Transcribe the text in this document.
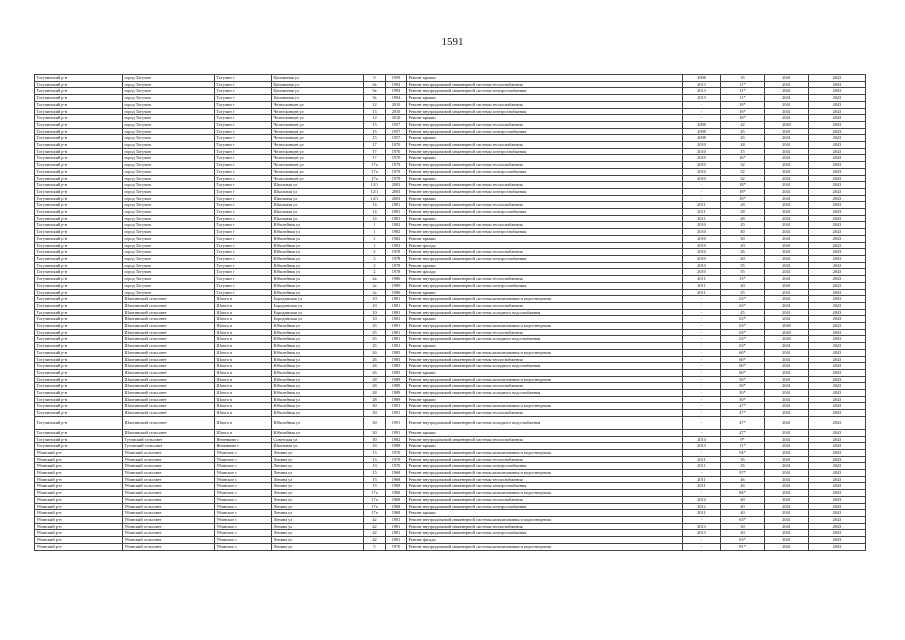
1591
Тогучинский р-н	город Тогучин	Тогучин г	Цеплинная ул	9	1958	Ремонт крыши	2008	35	2041	2043
Тогучинский р-н	город Тогучин	Тогучин г	Цеплинная ул	9а	1994	Ремонт внутридомовой инженерной системы теплоснабжения	2013	11*	2041	2043
Тогучинский р-н	город Тогучин	Тогучин г	Цеплинная ул	9а	1994	Ремонт внутридомовой инженерной системы электроснабжения	2013	11*	2041	2043
Тогучинский р-н	город Тогучин	Тогучин г	Цеплинная ул	9а	1994	Ремонт крыши	2013	11*	2041	2043
Тогучинский р-н	город Тогучин	Тогучин г	Челюскинцев ул	12	2010	Ремонт внутридомовой инженерной системы теплоснабжения	-	18*	2041	2043
Тогучинский р-н	город Тогучин	Тогучин г	Челюскинцев ул	13	2010	Ремонт внутридомовой инженерной системы электроснабжения	-	16*	2041	2043
Тогучинский р-н	город Тогучин	Тогучин г	Челюскинцев ул	12	2010	Ремонт крыши	-	18*	2041	2043
Тогучинский р-н	город Тогучин	Тогучин г	Челюскинцев ул	15	1957	Ремонт внутридомовой инженерной системы теплоснабжения	2008	42	2040	2043
Тогучинский р-н	город Тогучин	Тогучин г	Челюскинцев ул	15	1957	Ремонт внутридомовой инженерной системы электроснабжения	2008	45	2041	2043
Тогучинский р-н	город Тогучин	Тогучин г	Челюскинцев ул	15	1957	Ремонт крыши	2008	45	2041	2043
Тогучинский р-н	город Тогучин	Тогучин г	Челюскинцев ул	17	1970	Ремонт внутридомовой инженерной системы теплоснабжения	2010	28	2041	2043
Тогучинский р-н	город Тогучин	Тогучин г	Челюскинцев ул	17	1970	Ремонт внутридомовой инженерной системы электроснабжения	2010	15	2041	2043
Тогучинский р-н	город Тогучин	Тогучин г	Челюскинцев ул	17	1970	Ремонт крыши	2010	16*	2041	2043
Тогучинский р-н	город Тогучин	Тогучин г	Челюскинцев ул	17а	1979	Ремонт внутридомовой инженерной системы теплоснабжения	2010	32	2041	2043
Тогучинский р-н	город Тогучин	Тогучин г	Челюскинцев ул	17а	1979	Ремонт внутридомовой инженерной системы электроснабжения	2010	32	2041	2043
Тогучинский р-н	город Тогучин	Тогучин г	Челюскинцев ул	17а	1979	Ремонт крыши	2010	32	2041	2043
Тогучинский р-н	город Тогучин	Тогучин г	Школьная ул	12/1	2003	Ремонт внутридомовой инженерной системы теплоснабжения	-	18*	2041	2043
Тогучинский р-н	город Тогучин	Тогучин г	Школьная ул	12/1	2003	Ремонт внутридомовой инженерной системы электроснабжения	-	18*	2041	2043
Тогучинский р-н	город Тогучин	Тогучин г	Школьная ул	12/1	2003	Ремонт крыши	-	18*	2041	2043
Тогучинский р-н	город Тогучин	Тогучин г	Школьная ул	14	1981	Ремонт внутридомовой инженерной системы теплоснабжения	2011	28	2041	2043
Тогучинский р-н	город Тогучин	Тогучин г	Школьная ул	14	1981	Ремонт внутридомовой инженерной системы электроснабжения	2011	28	2041	2043
Тогучинский р-н	город Тогучин	Тогучин г	Школьная ул	14	1981	Ремонт крыши	2011	28	2041	2043
Тогучинский р-н	город Тогучин	Тогучин г	Юбилейная ул	1	1982	Ремонт внутридомовой инженерной системы теплоснабжения	2010	25	2041	2043
Тогучинский р-н	город Тогучин	Тогучин г	Юбилейная ул	1	1982	Ремонт внутридомовой инженерной системы электроснабжения	2010	40	2041	2043
Тогучинский р-н	город Тогучин	Тогучин г	Юбилейная ул	1	1982	Ремонт крыши	2010	30	2041	2043
Тогучинский р-н	город Тогучин	Тогучин г	Юбилейная ул	1	1982	Ремонт фасада	2019	20	2041	2043
Тогучинский р-н	город Тогучин	Тогучин г	Юбилейная ул	2	1978	Ремонт внутридомовой инженерной системы теплоснабжения	2010	26	2041	2043
Тогучинский р-н	город Тогучин	Тогучин г	Юбилейная ул	2	1978	Ремонт внутридомовой инженерной системы электроснабжения	2010	40	2041	2043
Тогучинский р-н	город Тогучин	Тогучин г	Юбилейная ул	2	1978	Ремонт крыши	2010	35	2041	2043
Тогучинский р-н	город Тогучин	Тогучин г	Юбилейная ул	2	1978	Ремонт фасада	2010	35	2041	2043
Тогучинский р-н	город Тогучин	Тогучин г	Юбилейная ул	2а	1980	Ремонт внутридомовой инженерной системы теплоснабжения	2011	15*	2041	2043
Тогучинский р-н	город Тогучин	Тогучин г	Юбилейная ул	2а	1980	Ремонт внутридомовой инженерной системы электроснабжения	2011	40	2041	2043
Тогучинский р-н	город Тогучин	Тогучин г	Юбилейная ул	2а	1980	Ремонт крыши	2011	25	2041	2043
Тогучинский р-н	Шахтинский сельсовет	Шахта п	Бородинская ул	10	1981	Ремонт внутридомовой инженерной системы канализования и водоотведения	-	63*	2041	2043
Тогучинский р-н	Шахтинский сельсовет	Шахта п	Бородинская ул	10	1981	Ремонт внутридомовой инженерной системы теплоснабжения	-	63*	2041	2043
Тогучинский р-н	Шахтинский сельсовет	Шахта п	Бородинская ул	10	1981	Ремонт внутридомовой инженерной системы холодного водоснабжения	-	45	2041	2043
Тогучинский р-н	Шахтинский сельсовет	Шахта п	Бородинская ул	10	1981	Ремонт крыши	-	63*	2041	2043
Тогучинский р-н	Шахтинский сельсовет	Шахта п	Юбилейная ул	25	1981	Ремонт внутридомовой инженерной системы канализования и водоотведения	-	63*	2040	2043
Тогучинский р-н	Шахтинский сельсовет	Шахта п	Юбилейная ул	25	1981	Ремонт внутридомовой инженерной системы теплоснабжения	-	63*	2040	2043
Тогучинский р-н	Шахтинский сельсовет	Шахта п	Юбилейная ул	25	1981	Ремонт внутридомовой инженерной системы холодного водоснабжения	-	63*	2040	2043
Тогучинский р-н	Шахтинский сельсовет	Шахта п	Юбилейная ул	25	1981	Ремонт крыши	-	63*	2041	2043
Тогучинский р-н	Шахтинский сельсовет	Шахта п	Юбилейная ул	26	1985	Ремонт внутридомовой инженерной системы канализования и водоотведения	-	60*	2041	2043
Тогучинский р-н	Шахтинский сельсовет	Шахта п	Юбилейная ул	26	1985	Ремонт внутридомовой инженерной системы теплоснабжения	-	60*	2041	2043
Тогучинский р-н	Шахтинский сельсовет	Шахта п	Юбилейная ул	26	1985	Ремонт внутридомовой инженерной системы холодного водоснабжения	-	60*	2041	2043
Тогучинский р-н	Шахтинский сельсовет	Шахта п	Юбилейная ул	26	1985	Ремонт крыши	-	60*	2041	2043
Тогучинский р-н	Шахтинский сельсовет	Шахта п	Юбилейная ул	28	1989	Ремонт внутридомовой инженерной системы канализования и водоотведения	-	50*	2041	2043
Тогучинский р-н	Шахтинский сельсовет	Шахта п	Юбилейная ул	28	1989	Ремонт внутридомовой инженерной системы теплоснабжения	-	50*	2041	2043
Тогучинский р-н	Шахтинский сельсовет	Шахта п	Юбилейная ул	28	1989	Ремонт внутридомовой инженерной системы холодного водоснабжения	-	50*	2041	2043
Тогучинский р-н	Шахтинский сельсовет	Шахта п	Юбилейная ул	28	1989	Ремонт крыши	-	50*	2041	2043
Тогучинский р-н	Шахтинский сельсовет	Шахта п	Юбилейная ул	30	1991	Ремонт внутридомовой инженерной системы канализования и водоотведения	-	47*	2041	2043
Тогучинский р-н	Шахтинский сельсовет	Шахта п	Юбилейная ул	30	1991	Ремонт внутридомовой инженерной системы теплоснабжения	-	47*	2041	2043
Тогучинский р-н	Шахтинский сельсовет	Шахта п	Юбилейная ул	30	1991	Ремонт внутридомовой инженерной системы холодного водоснабжения	-	47*	2041	2043
Тогучинский р-н	Шахтинский сельсовет	Шахта п	Юбилейная ул	30	1991	Ремонт крыши	-	47*	2041	2043
Тогучинский р-н	Гутовский сельсовет	Янченково с	Советская ул	30	1982	Ремонт внутридомовой инженерной системы теплоснабжения	2014	9*	2041	2043
Тогучинский р-н	Гутовский сельсовет	Янченково с	Школьная ул	16	1988	Ремонт крыши	2013	11*	2041	2043
Убинский р-н	Убинский сельсовет	Убинское с	Ленина ул	13	1970	Ремонт внутридомовой инженерной системы канализования и водоотведения	-	94*	2041	2043
Убинский р-н	Убинский сельсовет	Убинское с	Ленина ул	13	1970	Ремонт внутридомовой инженерной системы теплоснабжения	2011	35	2041	2043
Убинский р-н	Убинский сельсовет	Убинское с	Ленина ул	13	1970	Ремонт внутридомовой инженерной системы электроснабжения	2011	35	2041	2043
Убинский р-н	Убинский сельсовет	Убинское с	Ленина ул	15	1968	Ремонт внутридомовой инженерной системы канализования и водоотведения	-	97*	2041	2043
Убинский р-н	Убинский сельсовет	Убинское с	Ленина ул	15	1968	Ремонт внутридомовой инженерной системы теплоснабжения	2011	46	2041	2043
Убинский р-н	Убинский сельсовет	Убинское с	Ленина ул	15	1968	Ремонт внутридомовой инженерной системы электроснабжения	2011	46	2041	2043
Убинский р-н	Убинский сельсовет	Убинское с	Ленина ул	17а	1968	Ремонт внутридомовой инженерной системы канализования и водоотведения	-	84*	2041	2043
Убинский р-н	Убинский сельсовет	Убинское с	Ленина ул	17а	1968	Ремонт внутридомовой инженерной системы теплоснабжения	2012	40	2041	2043
Убинский р-н	Убинский сельсовет	Убинское с	Ленина ул	17а	1968	Ремонт внутридомовой инженерной системы электроснабжения	2012	40	2041	2043
Убинский р-н	Убинский сельсовет	Убинское с	Ленина ул	17а	1968	Ремонт крыши	2011	40	2041	2043
Убинский р-н	Убинский сельсовет	Убинское с	Ленина ул	42	1981	Ремонт внутридомовой инженерной системы канализования и водоотведения	-	63*	2041	2043
Убинский р-н	Убинский сельсовет	Убинское с	Ленина ул	42	1981	Ремонт внутридомовой инженерной системы теплоснабжения	2013	30	2041	2043
Убинский р-н	Убинский сельсовет	Убинское с	Ленина ул	42	1981	Ремонт внутридомовой инженерной системы электроснабжения	2013	40	2041	2043
Убинский р-н	Убинский сельсовет	Убинское с	Ленина ул	42	1981	Ремонт фасада	-	63*	2041	2043
Убинский р-н	Убинский сельсовет	Убинское с	Ленина ул	5	1970	Ремонт внутридомовой инженерной системы канализования и водоотведения	-	81*	2041	2043
